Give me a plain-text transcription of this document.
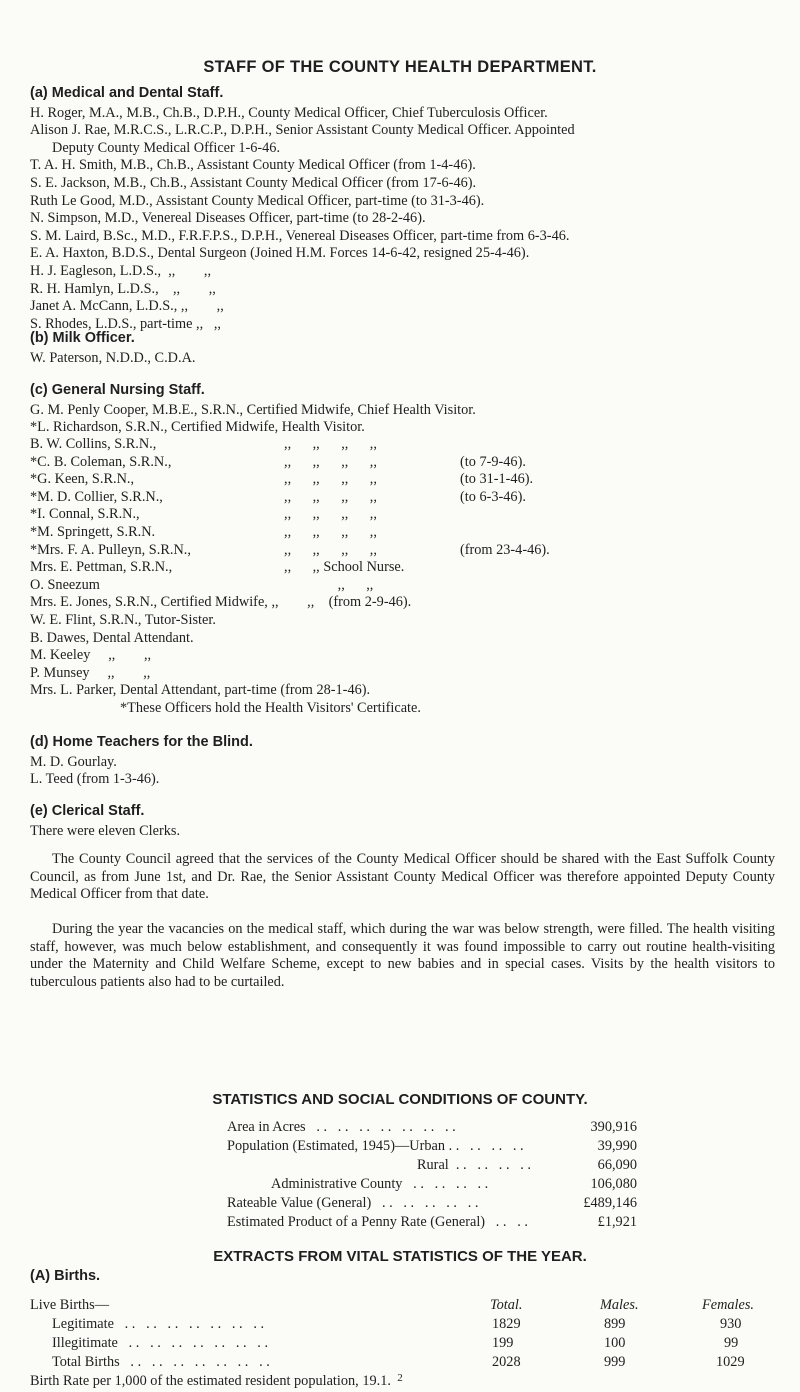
STAFF OF THE COUNTY HEALTH DEPARTMENT.
(a) Medical and Dental Staff.
H. Roger, M.A., M.B., Ch.B., D.P.H., County Medical Officer, Chief Tuberculosis Officer.
Alison J. Rae, M.R.C.S., L.R.C.P., D.P.H., Senior Assistant County Medical Officer. Appointed
Deputy County Medical Officer 1-6-46.
T. A. H. Smith, M.B., Ch.B., Assistant County Medical Officer (from 1-4-46).
S. E. Jackson, M.B., Ch.B., Assistant County Medical Officer (from 17-6-46).
Ruth Le Good, M.D., Assistant County Medical Officer, part-time (to 31-3-46).
N. Simpson, M.D., Venereal Diseases Officer, part-time (to 28-2-46).
S. M. Laird, B.Sc., M.D., F.R.F.P.S., D.P.H., Venereal Diseases Officer, part-time from 6-3-46.
E. A. Haxton, B.D.S., Dental Surgeon (Joined H.M. Forces 14-6-42, resigned 25-4-46).
H. J. Eagleson, L.D.S.,  ,,        ,,
R. H. Hamlyn, L.D.S.,    ,,        ,,
Janet A. McCann, L.D.S., ,,        ,,
S. Rhodes, L.D.S., part-time ,,   ,,
(b) Milk Officer.
W. Paterson, N.D.D., C.D.A.
(c) General Nursing Staff.
G. M. Penly Cooper, M.B.E., S.R.N., Certified Midwife, Chief Health Visitor.
*L. Richardson, S.R.N., Certified Midwife, Health Visitor.
B. W. Collins, S.R.N.,	,,      ,,      ,,      ,,
*C. B. Coleman, S.R.N.,	,,      ,,      ,,      ,,	(to 7-9-46).
*G. Keen, S.R.N.,	,,      ,,      ,,      ,,	(to 31-1-46).
*M. D. Collier, S.R.N.,	,,      ,,      ,,      ,,	(to 6-3-46).
*I. Connal, S.R.N.,	,,      ,,      ,,      ,,
*M. Springett, S.R.N.	,,      ,,      ,,      ,,
*Mrs. F. A. Pulleyn, S.R.N.,	,,      ,,      ,,      ,,	(from 23-4-46).
Mrs. E. Pettman, S.R.N.,	,,      ,, School Nurse.
O. Sneezum	,,      ,,
Mrs. E. Jones, S.R.N., Certified Midwife, ,,        ,,    (from 2-9-46).
W. E. Flint, S.R.N., Tutor-Sister.
B. Dawes, Dental Attendant.
M. Keeley     ,,        ,,
P. Munsey     ,,        ,,
Mrs. L. Parker, Dental Attendant, part-time (from 28-1-46).
*These Officers hold the Health Visitors' Certificate.
(d) Home Teachers for the Blind.
M. D. Gourlay.
L. Teed (from 1-3-46).
(e) Clerical Staff.
There were eleven Clerks.
The County Council agreed that the services of the County Medical Officer should be shared with the East Suffolk County Council, as from June 1st, and Dr. Rae, the Senior Assistant County Medical Officer was therefore appointed Deputy County Medical Officer from that date.
During the year the vacancies on the medical staff, which during the war was below strength, were filled. The health visiting staff, however, was much below establishment, and consequently it was found impossible to carry out routine health-visiting under the Maternity and Child Welfare Scheme, except to new babies and in special cases. Visits by the health visitors to tuberculous patients also had to be curtailed.
STATISTICS AND SOCIAL CONDITIONS OF COUNTY.
Area in Acres   . .   . .   . .   . .   . .   . .   . .	390,916
Population (Estimated, 1945)—Urban . .   . .   . .   . .	39,990
Rural  . .   . .   . .   . .	66,090
Administrative County   . .   . .   . .   . .	106,080
Rateable Value (General)   . .   . .   . .   . .   . .	£489,146
Estimated Product of a Penny Rate (General)   . .   . .	£1,921
EXTRACTS FROM VITAL STATISTICS OF THE YEAR.
(A) Births.
Live Births—	Total.	Males.	Females.
Legitimate   . .   . .   . .   . .   . .   . .   . .	1829	899	930
Illegitimate   . .   . .   . .   . .   . .   . .   . .	199	100	99
Total Births   . .   . .   . .   . .   . .   . .   . .	2028	999	1029
Birth Rate per 1,000 of the estimated resident population, 19.1. 2
